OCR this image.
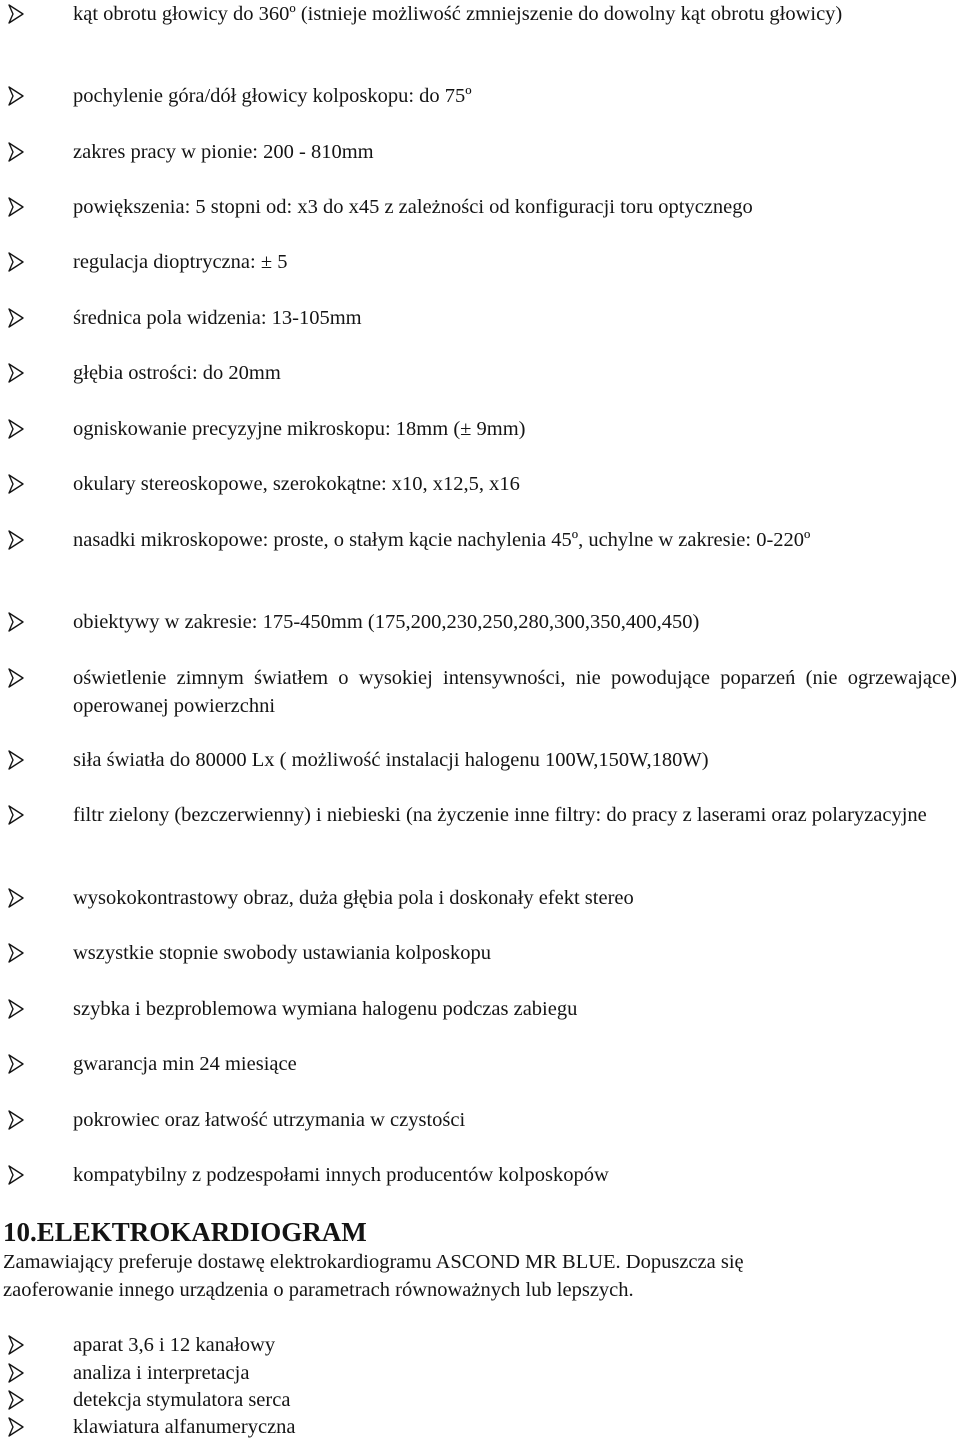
kąt obrotu głowicy do 360º (istnieje możliwość zmniejszenie do dowolny kąt obrotu głowicy)
pochylenie góra/dół głowicy kolposkopu: do 75º
zakres pracy w pionie: 200 - 810mm
powiększenia: 5 stopni od: x3 do x45 z zależności od konfiguracji toru optycznego
regulacja dioptryczna: ± 5
średnica pola widzenia: 13-105mm
głębia ostrości: do 20mm
ogniskowanie precyzyjne mikroskopu: 18mm (± 9mm)
okulary stereoskopowe, szerokokątne: x10, x12,5, x16
nasadki mikroskopowe: proste, o stałym kącie nachylenia 45º, uchylne w zakresie: 0-220º
obiektywy w zakresie: 175-450mm (175,200,230,250,280,300,350,400,450)
oświetlenie zimnym światłem o wysokiej intensywności, nie powodujące poparzeń (nie ogrzewające) operowanej powierzchni
siła światła do 80000 Lx ( możliwość instalacji halogenu 100W,150W,180W)
filtr zielony (bezczerwienny) i niebieski (na życzenie inne filtry: do pracy z laserami oraz polaryzacyjne
wysokokontrastowy obraz, duża głębia pola i doskonały efekt stereo
wszystkie stopnie swobody ustawiania kolposkopu
szybka i bezproblemowa wymiana halogenu podczas zabiegu
gwarancja min 24 miesiące
pokrowiec oraz łatwość utrzymania w czystości
kompatybilny z podzespołami innych producentów kolposkopów
10.ELEKTROKARDIOGRAM
Zamawiający preferuje dostawę elektrokardiogramu ASCOND MR BLUE. Dopuszcza się
zaoferowanie innego urządzenia o parametrach równoważnych lub lepszych.
aparat 3,6 i 12 kanałowy
analiza i interpretacja
detekcja stymulatora serca
klawiatura alfanumeryczna
